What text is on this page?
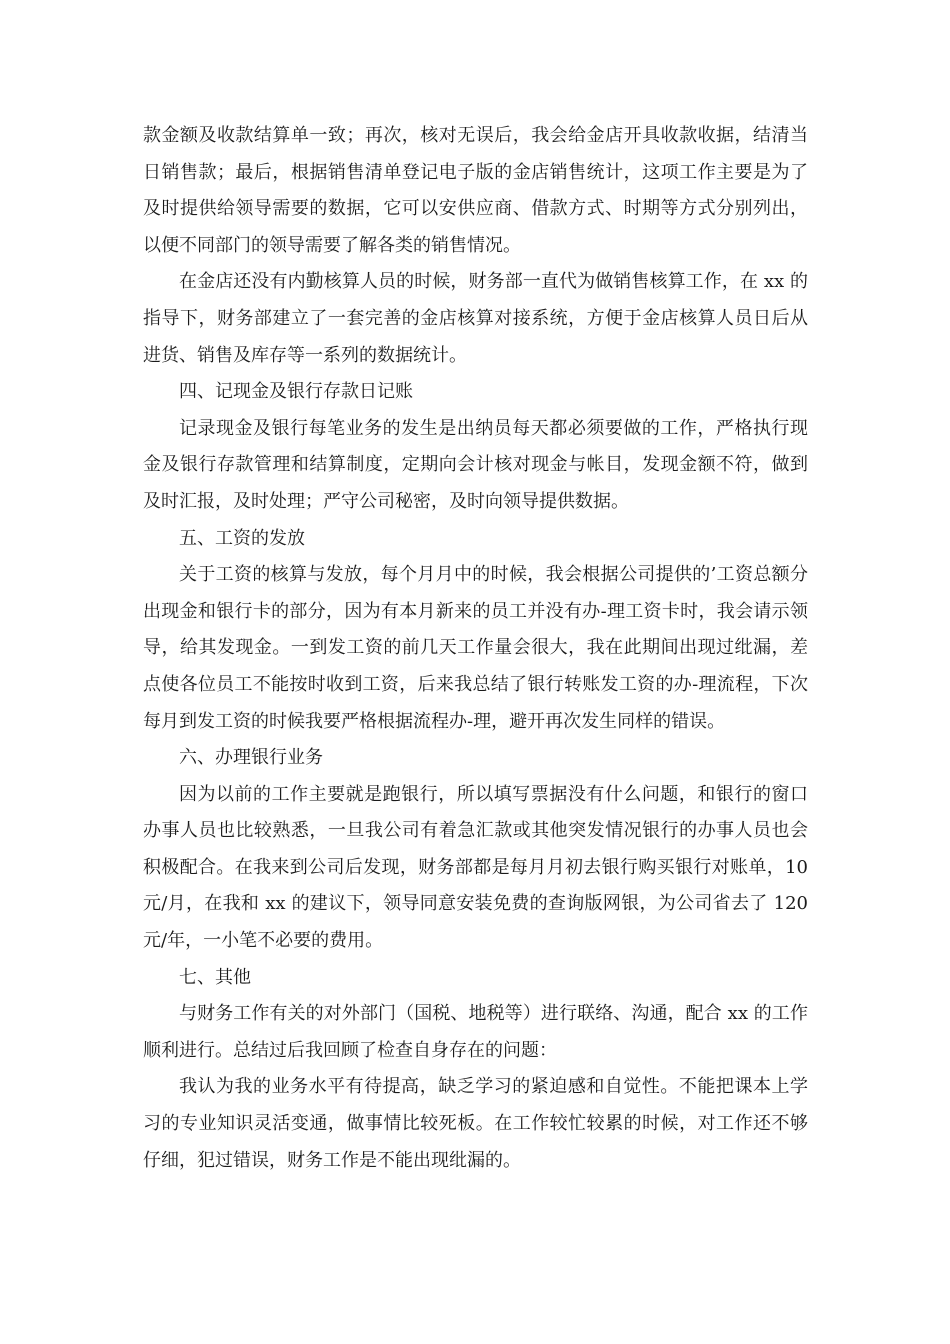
款金额及收款结算单一致；再次，核对无误后，我会给金店开具收款收据，结清当日销售款；最后，根据销售清单登记电子版的金店销售统计，这项工作主要是为了及时提供给领导需要的数据，它可以安供应商、借款方式、时期等方式分别列出，以便不同部门的领导需要了解各类的销售情况。

在金店还没有内勤核算人员的时候，财务部一直代为做销售核算工作，在 xx 的指导下，财务部建立了一套完善的金店核算对接系统，方便于金店核算人员日后从进货、销售及库存等一系列的数据统计。

四、记现金及银行存款日记账

记录现金及银行每笔业务的发生是出纳员每天都必须要做的工作，严格执行现金及银行存款管理和结算制度，定期向会计核对现金与帐目，发现金额不符，做到及时汇报，及时处理；严守公司秘密，及时向领导提供数据。

五、工资的发放

关于工资的核算与发放，每个月月中的时候，我会根据公司提供的’工资总额分出现金和银行卡的部分，因为有本月新来的员工并没有办-理工资卡时，我会请示领导，给其发现金。一到发工资的前几天工作量会很大，我在此期间出现过纰漏，差点使各位员工不能按时收到工资，后来我总结了银行转账发工资的办-理流程，下次每月到发工资的时候我要严格根据流程办-理，避开再次发生同样的错误。

六、办理银行业务

因为以前的工作主要就是跑银行，所以填写票据没有什么问题，和银行的窗口办事人员也比较熟悉，一旦我公司有着急汇款或其他突发情况银行的办事人员也会积极配合。在我来到公司后发现，财务部都是每月月初去银行购买银行对账单，10 元/月，在我和 xx 的建议下，领导同意安装免费的查询版网银，为公司省去了 120 元/年，一小笔不必要的费用。

七、其他

与财务工作有关的对外部门（国税、地税等）进行联络、沟通，配合 xx 的工作顺利进行。总结过后我回顾了检查自身存在的问题：

我认为我的业务水平有待提高，缺乏学习的紧迫感和自觉性。不能把课本上学习的专业知识灵活变通，做事情比较死板。在工作较忙较累的时候，对工作还不够仔细，犯过错误，财务工作是不能出现纰漏的。
